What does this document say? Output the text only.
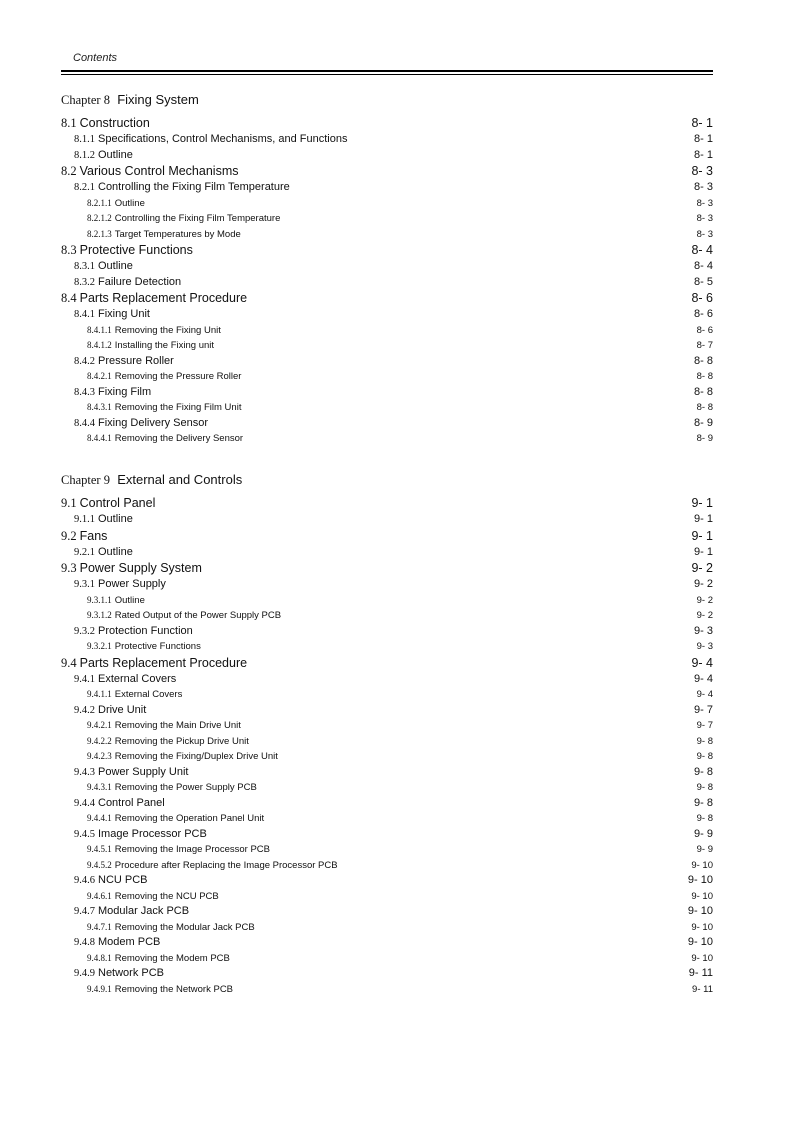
Contents
Chapter 8 Fixing System
8.1 Construction	8- 1
8.1.1 Specifications, Control Mechanisms, and Functions	8- 1
8.1.2 Outline	8- 1
8.2 Various Control Mechanisms	8- 3
8.2.1 Controlling the Fixing Film Temperature	8- 3
8.2.1.1 Outline	8- 3
8.2.1.2 Controlling the Fixing Film Temperature	8- 3
8.2.1.3 Target Temperatures by Mode	8- 3
8.3 Protective Functions	8- 4
8.3.1 Outline	8- 4
8.3.2 Failure Detection	8- 5
8.4 Parts Replacement Procedure	8- 6
8.4.1 Fixing Unit	8- 6
8.4.1.1 Removing the Fixing Unit	8- 6
8.4.1.2 Installing the Fixing unit	8- 7
8.4.2 Pressure Roller	8- 8
8.4.2.1 Removing the Pressure Roller	8- 8
8.4.3 Fixing Film	8- 8
8.4.3.1 Removing the Fixing Film Unit	8- 8
8.4.4 Fixing Delivery Sensor	8- 9
8.4.4.1 Removing the Delivery Sensor	8- 9
Chapter 9 External and Controls
9.1 Control Panel	9- 1
9.1.1 Outline	9- 1
9.2 Fans	9- 1
9.2.1 Outline	9- 1
9.3 Power Supply System	9- 2
9.3.1 Power Supply	9- 2
9.3.1.1 Outline	9- 2
9.3.1.2 Rated Output of the Power Supply PCB	9- 2
9.3.2 Protection Function	9- 3
9.3.2.1 Protective Functions	9- 3
9.4 Parts Replacement Procedure	9- 4
9.4.1 External Covers	9- 4
9.4.1.1 External Covers	9- 4
9.4.2 Drive Unit	9- 7
9.4.2.1 Removing the Main Drive Unit	9- 7
9.4.2.2 Removing the Pickup Drive Unit	9- 8
9.4.2.3 Removing the Fixing/Duplex Drive Unit	9- 8
9.4.3 Power Supply Unit	9- 8
9.4.3.1 Removing the Power Supply PCB	9- 8
9.4.4 Control Panel	9- 8
9.4.4.1 Removing the Operation Panel Unit	9- 8
9.4.5 Image Processor PCB	9- 9
9.4.5.1 Removing the Image Processor PCB	9- 9
9.4.5.2 Procedure after Replacing the Image Processor PCB	9- 10
9.4.6 NCU PCB	9- 10
9.4.6.1 Removing the NCU PCB	9- 10
9.4.7 Modular Jack PCB	9- 10
9.4.7.1 Removing the Modular Jack PCB	9- 10
9.4.8 Modem PCB	9- 10
9.4.8.1 Removing the Modem PCB	9- 10
9.4.9 Network PCB	9- 11
9.4.9.1 Removing the Network PCB	9- 11
